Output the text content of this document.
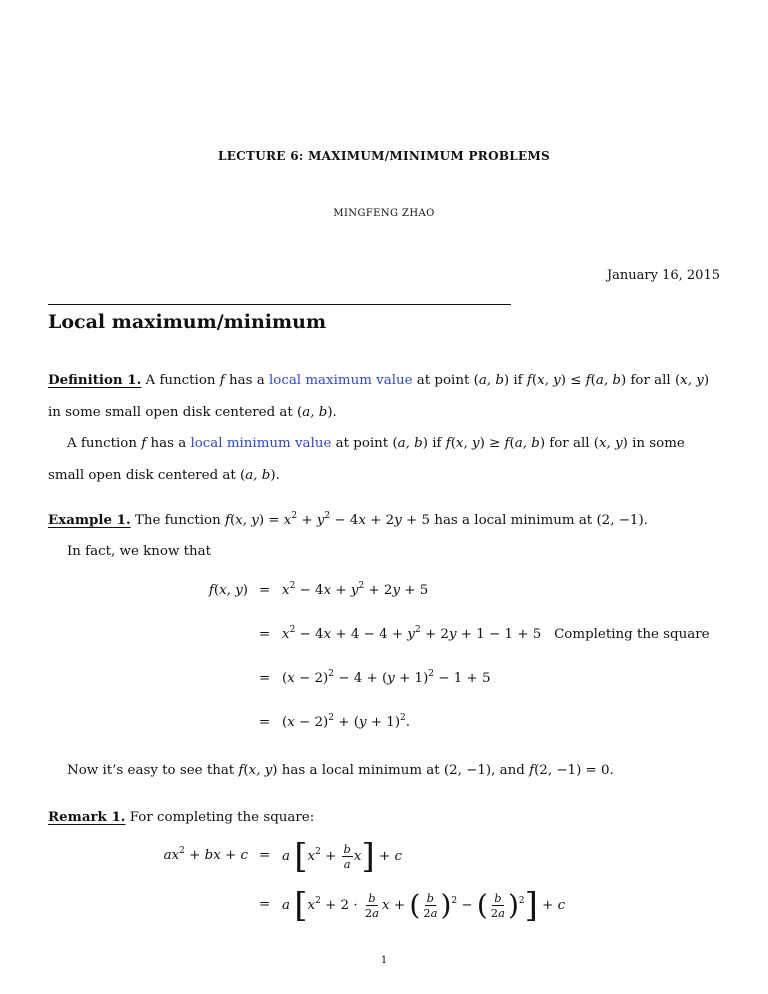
LECTURE 6: MAXIMUM/MINIMUM PROBLEMS
MINGFENG ZHAO
January 16, 2015
Local maximum/minimum
Definition 1. A function f has a local maximum value at point (a, b) if f(x, y) ≤ f(a, b) for all (x, y) in some small open disk centered at (a, b).
A function f has a local minimum value at point (a, b) if f(x, y) ≥ f(a, b) for all (x, y) in some small open disk centered at (a, b).
Example 1. The function f(x, $y) = x^2 + y^2 - 4x + 2y + 5$ has a local minimum at (2, −1).
In fact, we know that
f(x, $y) = x^2 - 4x + y^2 + 2y + 5$
= $x^2 - 4x + 4 - 4 + y^2 + 2y + 1 - 1 + 5$   Completing the square
= $(x - 2)^2 - 4 + (y + 1)^2 - 1 + 5$
= $(x - 2)^2 + (y + 1)^2$.
Now it’s easy to see that f(x, y) has a local minimum at (2, −1), and f(2, −1) = 0.
Remark 1. For completing the square:
$ax^2$ + bx + c = a $[x^2 + \frac{b}{a} x] + c$
= a [$x^2 + 2 \cdot \frac{b}{2a}$ x + ( $\frac{b}{2a} )^2$ − ( $\frac{b}{2a} )^2] + c$
1
